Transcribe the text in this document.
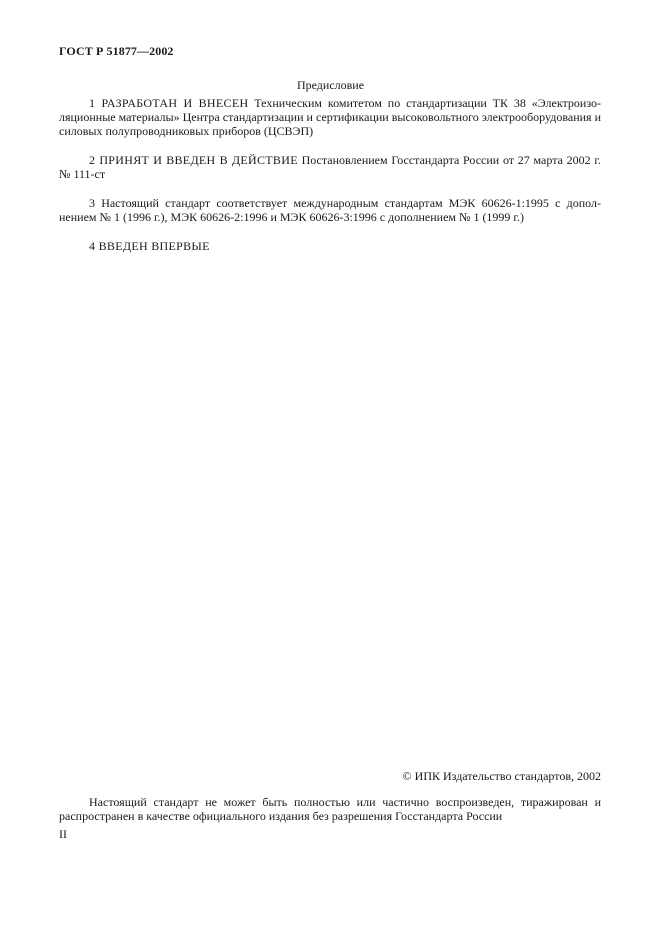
ГОСТ Р 51877—2002
Предисловие

1 РАЗРАБОТАН И ВНЕСЕН Техническим комитетом по стандартизации ТК 38 «Электроизоляционные материалы» Центра стандартизации и сертификации высоковольтного электрооборудования и силовых полупроводниковых приборов (ЦСВЭП)

2 ПРИНЯТ И ВВЕДЕН В ДЕЙСТВИЕ Постановлением Госстандарта России от 27 марта 2002 г. № 111-ст

3 Настоящий стандарт соответствует международным стандартам МЭК 60626-1:1995 с дополнением № 1 (1996 г.), МЭК 60626-2:1996 и МЭК 60626-3:1996 с дополнением № 1 (1999 г.)

4 ВВЕДЕН ВПЕРВЫЕ

© ИПК Издательство стандартов, 2002

Настоящий стандарт не может быть полностью или частично воспроизведен, тиражирован и распространен в качестве официального издания без разрешения Госстандарта России

II
